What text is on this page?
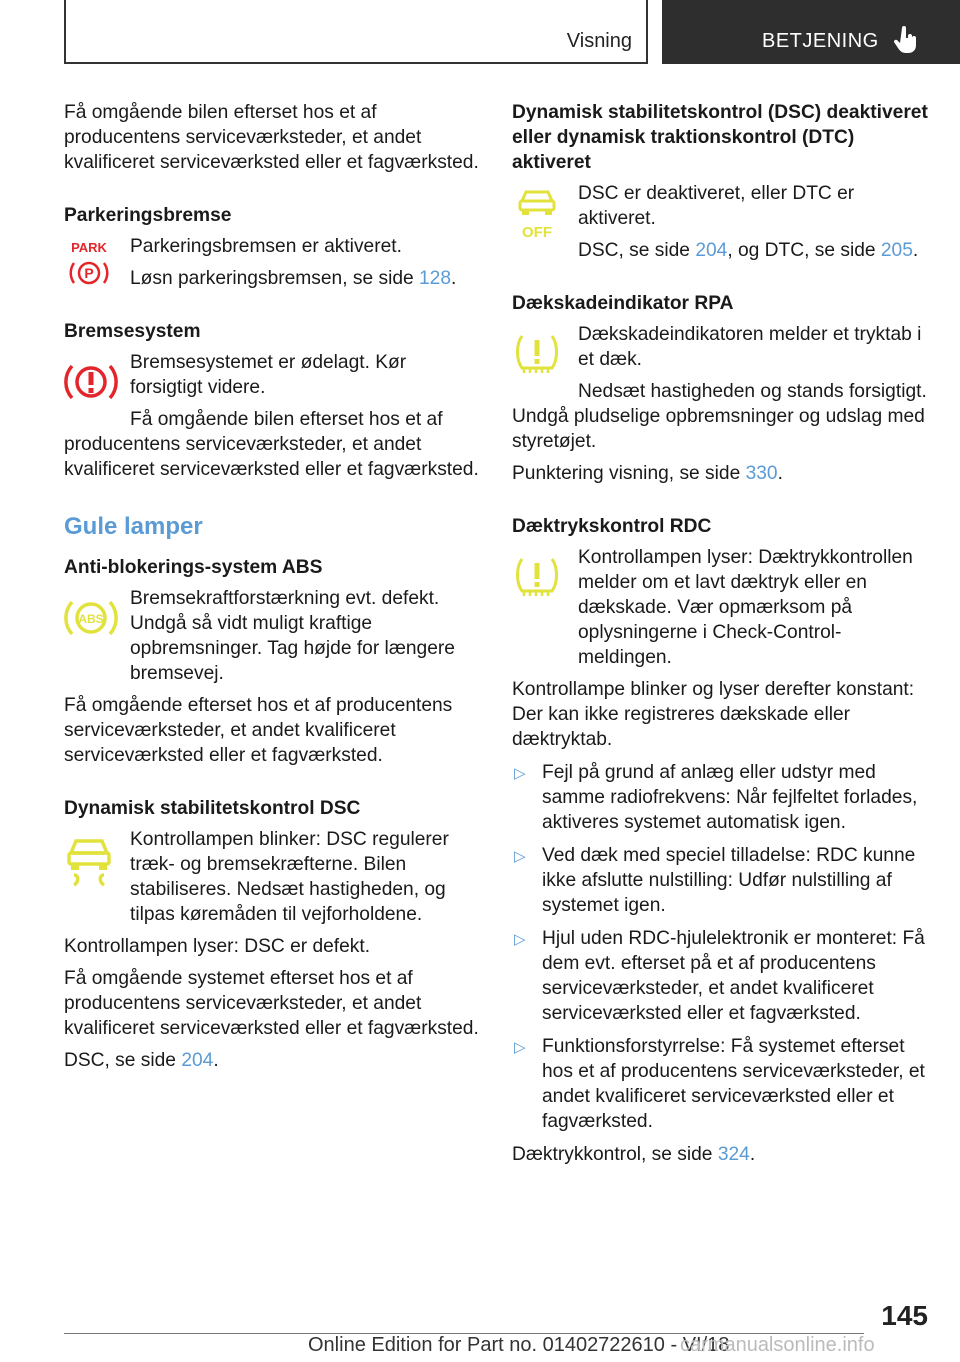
Visning	BETJENING

Få omgående bilen efterset hos et af producentens serviceværksteder, et andet kvalificeret serviceværksted eller et fagværksted.

Parkeringsbremse

PARK
P

Parkeringsbremsen er aktiveret.

Løsn parkeringsbremsen, se side 128.

Bremsesystem

Bremsesystemet er ødelagt. Kør forsigtigt videre.

Få omgående bilen efterset hos et af producentens serviceværksteder, et andet kvalificeret serviceværksted eller et fagværksted.

Gule lamper

Anti-blokerings-system ABS

ABS

Bremsekraftforstærkning evt. defekt. Undgå så vidt muligt kraftige opbremsninger. Tag højde for længere bremsevej.

Få omgående efterset hos et af producentens serviceværksteder, et andet kvalificeret serviceværksted eller et fagværksted.

Dynamisk stabilitetskontrol DSC

Kontrollampen blinker: DSC regulerer træk- og bremsekræfterne. Bilen stabiliseres. Nedsæt hastigheden, og tilpas køremåden til vejforholdene.

Kontrollampen lyser: DSC er defekt.

Få omgående systemet efterset hos et af producentens serviceværksteder, et andet kvalificeret serviceværksted eller et fagværksted.

DSC, se side 204.

Dynamisk stabilitetskontrol (DSC) deaktiveret eller dynamisk traktionskontrol (DTC) aktiveret

OFF

DSC er deaktiveret, eller DTC er aktiveret.

DSC, se side 204, og DTC, se side 205.

Dækskadeindikator RPA

Dækskadeindikatoren melder et tryktab i et dæk.

Nedsæt hastigheden og stands forsigtigt. Undgå pludselige opbremsninger og udslag med styretøjet.

Punktering visning, se side 330.

Dæktrykskontrol RDC

Kontrollampen lyser: Dæktrykkontrollen melder om et lavt dæktryk eller en dækskade. Vær opmærksom på oplysningerne i Check-Control-meldingen.

Kontrollampe blinker og lyser derefter konstant: Der kan ikke registreres dækskade eller dæktryktab.

▷ Fejl på grund af anlæg eller udstyr med samme radiofrekvens: Når fejlfeltet forlades, aktiveres systemet automatisk igen.
▷ Ved dæk med speciel tilladelse: RDC kunne ikke afslutte nulstilling: Udfør nulstilling af systemet igen.
▷ Hjul uden RDC-hjulelektronik er monteret: Få dem evt. efterset på et af producentens serviceværksteder, et andet kvalificeret serviceværksted eller et fagværksted.
▷ Funktionsforstyrrelse: Få systemet efterset hos et af producentens serviceværksteder, et andet kvalificeret serviceværksted eller et fagværksted.

Dæktrykkontrol, se side 324.

145
Online Edition for Part no. 01402722610 - VI/18
carmanualsonline.info
